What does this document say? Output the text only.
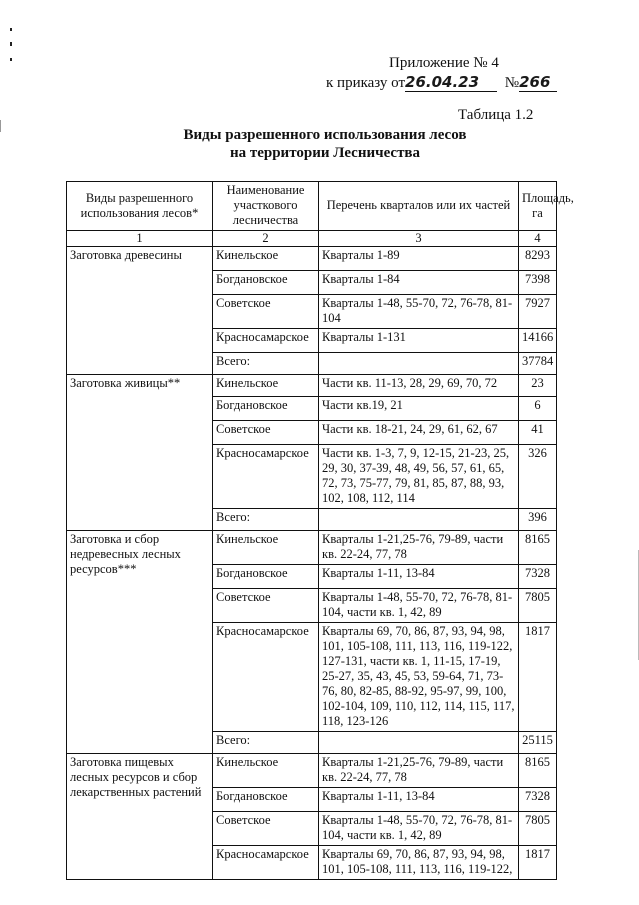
Приложение № 4
к приказу от26.04.23 №266
Таблица 1.2
Виды разрешенного использования лесов
на территории Лесничества
Виды разрешенного использования лесов*	Наименование участкового лесничества	Перечень кварталов или их частей	Площадь, га
1	2	3	4
Заготовка древесины	Кинельское	Кварталы 1-89	8293
	Богдановское	Кварталы 1-84	7398
	Советское	Кварталы 1-48, 55-70, 72, 76-78, 81-104	7927
	Красносамарское	Кварталы 1-131	14166
	Всего:		37784
Заготовка живицы**	Кинельское	Части кв. 11-13, 28, 29, 69, 70, 72	23
	Богдановское	Части кв.19, 21	6
	Советское	Части кв. 18-21, 24, 29, 61, 62, 67	41
	Красносамарское	Части кв. 1-3, 7, 9, 12-15, 21-23, 25, 29, 30, 37-39, 48, 49, 56, 57, 61, 65, 72, 73, 75-77, 79, 81, 85, 87, 88, 93, 102, 108, 112, 114	326
	Всего:		396
Заготовка и сбор недревесных лесных ресурсов***	Кинельское	Кварталы 1-21,25-76, 79-89, части кв. 22-24, 77, 78	8165
	Богдановское	Кварталы 1-11, 13-84	7328
	Советское	Кварталы 1-48, 55-70, 72, 76-78, 81-104, части кв. 1, 42, 89	7805
	Красносамарское	Кварталы 69, 70, 86, 87, 93, 94, 98, 101, 105-108, 111, 113, 116, 119-122, 127-131, части кв. 1, 11-15, 17-19, 25-27, 35, 43, 45, 53, 59-64, 71, 73-76, 80, 82-85, 88-92, 95-97, 99, 100, 102-104, 109, 110, 112, 114, 115, 117, 118, 123-126	1817
	Всего:		25115
Заготовка пищевых лесных ресурсов и сбор лекарственных растений	Кинельское	Кварталы 1-21,25-76, 79-89, части кв. 22-24, 77, 78	8165
	Богдановское	Кварталы 1-11, 13-84	7328
	Советское	Кварталы 1-48, 55-70, 72, 76-78, 81-104, части кв. 1, 42, 89	7805
	Красносамарское	Кварталы 69, 70, 86, 87, 93, 94, 98, 101, 105-108, 111, 113, 116, 119-122,	1817
